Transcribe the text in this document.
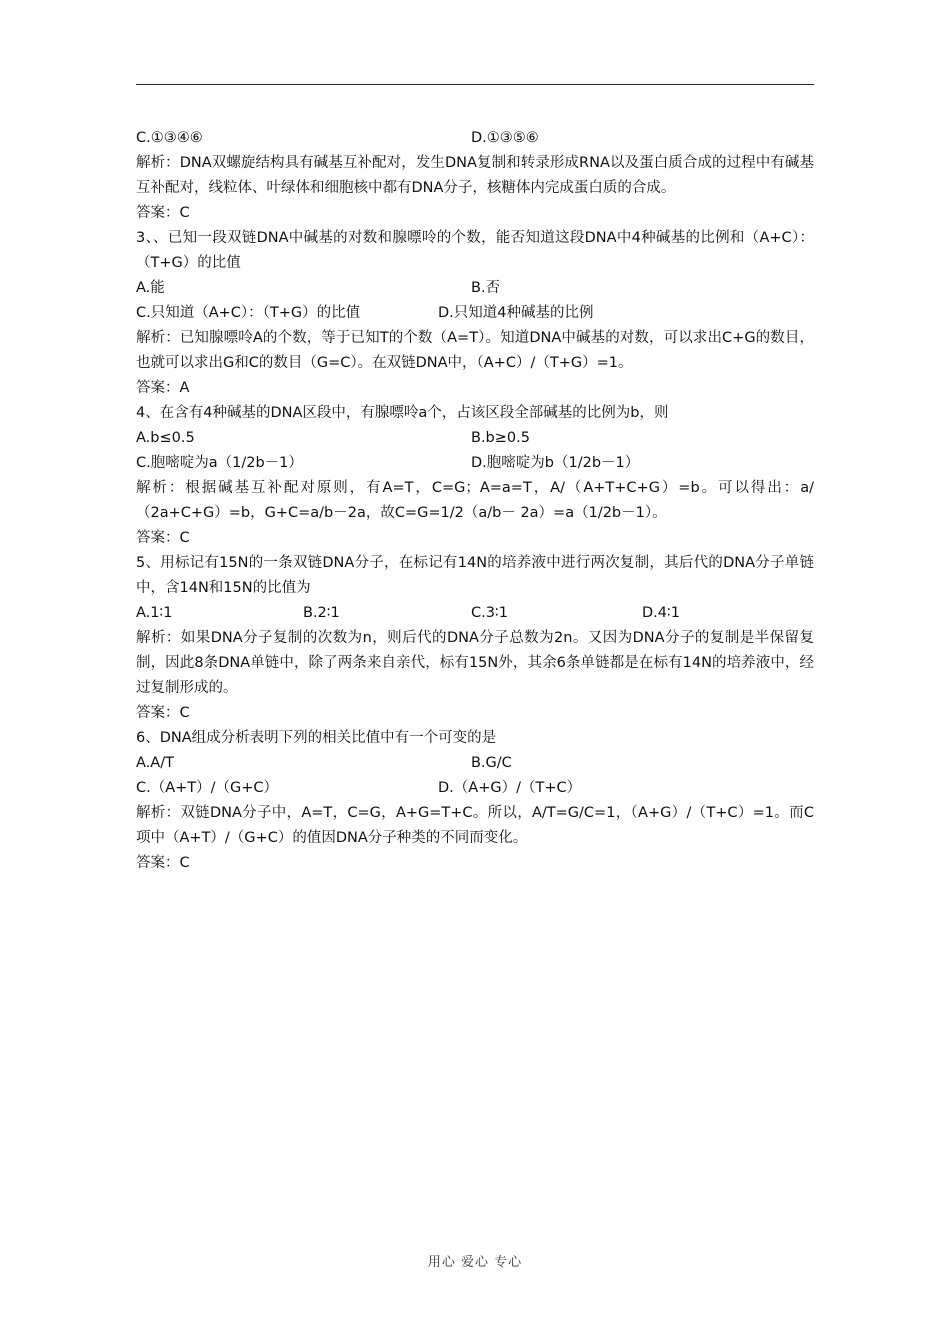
C.①③④⑥	D.①③⑤⑥
解析：DNA双螺旋结构具有碱基互补配对，发生DNA复制和转录形成RNA以及蛋白质合成的过程中有碱基互补配对，线粒体、叶绿体和细胞核中都有DNA分子，核糖体内完成蛋白质的合成。
答案：C
3、、已知一段双链DNA中碱基的对数和腺嘌呤的个数，能否知道这段DNA中4种碱基的比例和（A+C）：（T+G）的比值
A.能	B.否
C.只知道（A+C）：（T+G）的比值	D.只知道4种碱基的比例
解析：已知腺嘌呤A的个数，等于已知T的个数（A=T）。知道DNA中碱基的对数，可以求出C+G的数目，也就可以求出G和C的数目（G=C）。在双链DNA中，（A+C）/（T+G）=1。
答案：A
4、在含有4种碱基的DNA区段中，有腺嘌呤a个，占该区段全部碱基的比例为b，则
A.b≤0.5	B.b≥0.5
C.胞嘧啶为a（1/2b－1）	D.胞嘧啶为b（1/2b－1）
解析：根据碱基互补配对原则，有A=T，C=G；A=a=T，A/（A+T+C+G）=b。可以得出：a/（2a+C+G）=b，G+C=a/b－2a，故C=G=1/2（a/b－ 2a）=a（1/2b－1）。
答案：C
5、用标记有15N的一条双链DNA分子，在标记有14N的培养液中进行两次复制，其后代的DNA分子单链中，含14N和15N的比值为
A.1∶1	B.2∶1	C.3∶1	D.4∶1
解析：如果DNA分子复制的次数为n，则后代的DNA分子总数为2n。又因为DNA分子的复制是半保留复制，因此8条DNA单链中，除了两条来自亲代，标有15N外，其余6条单链都是在标有14N的培养液中，经过复制形成的。
答案：C
6、DNA组成分析表明下列的相关比值中有一个可变的是
A.A/T	B.G/C
C.（A+T）/（G+C）	D.（A+G）/（T+C）
解析：双链DNA分子中，A=T，C=G，A+G=T+C。所以，A/T=G/C=1，（A+G）/（T+C）=1。而C项中（A+T）/（G+C）的值因DNA分子种类的不同而变化。
答案：C
用心 爱心 专心
